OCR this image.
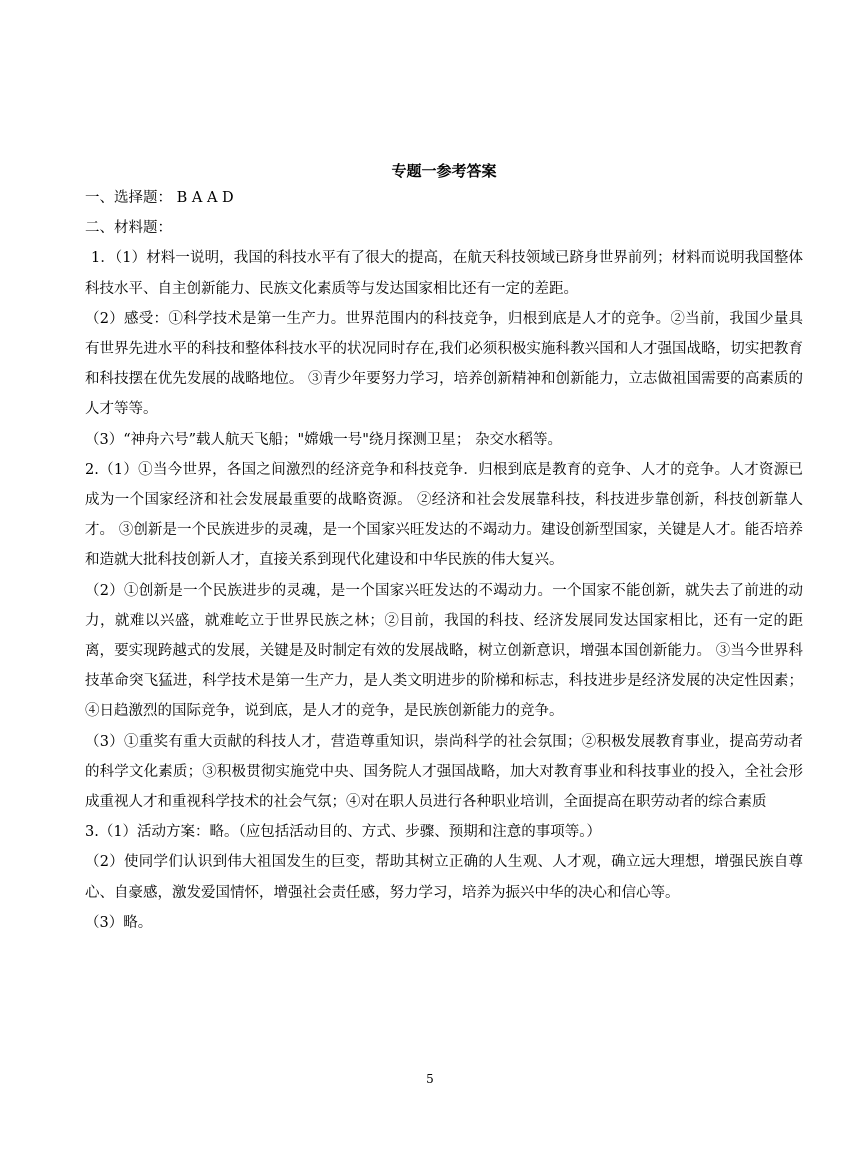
专题一参考答案

一、选择题： B A A D

二、材料题：

1．（1）材料一说明，我国的科技水平有了很大的提高，在航天科技领域已跻身世界前列；材料而说明我国整体科技水平、自主创新能力、民族文化素质等与发达国家相比还有一定的差距。

（2）感受：①科学技术是第一生产力。世界范围内的科技竞争，归根到底是人才的竞争。②当前，我国少量具有世界先进水平的科技和整体科技水平的状况同时存在,我们必须积极实施科教兴国和人才强国战略，切实把教育和科技摆在优先发展的战略地位。 ③青少年要努力学习，培养创新精神和创新能力，立志做祖国需要的高素质的人才等等。

（3）“神舟六号”载人航天飞船；"嫦娥一号"绕月探测卫星； 杂交水稻等。

2.（1）①当今世界，各国之间激烈的经济竞争和科技竞争．归根到底是教育的竞争、人才的竞争。人才资源已成为一个国家经济和社会发展最重要的战略资源。 ②经济和社会发展靠科技，科技进步靠创新，科技创新靠人才。 ③创新是一个民族进步的灵魂，是一个国家兴旺发达的不竭动力。建设创新型国家，关键是人才。能否培养和造就大批科技创新人才，直接关系到现代化建设和中华民族的伟大复兴。

（2）①创新是一个民族进步的灵魂，是一个国家兴旺发达的不竭动力。一个国家不能创新，就失去了前进的动力，就难以兴盛，就难屹立于世界民族之林；②目前，我国的科技、经济发展同发达国家相比，还有一定的距离，要实现跨越式的发展，关键是及时制定有效的发展战略，树立创新意识，增强本国创新能力。 ③当今世界科技革命突飞猛进，科学技术是第一生产力，是人类文明进步的阶梯和标志，科技进步是经济发展的决定性因素； ④日趋激烈的国际竞争，说到底，是人才的竞争，是民族创新能力的竞争。

（3）①重奖有重大贡献的科技人才，营造尊重知识，崇尚科学的社会氛围；②积极发展教育事业，提高劳动者的科学文化素质；③积极贯彻实施党中央、国务院人才强国战略，加大对教育事业和科技事业的投入，全社会形成重视人才和重视科学技术的社会气氛；④对在职人员进行各种职业培训，全面提高在职劳动者的综合素质

3.（1）活动方案：略。（应包括活动目的、方式、步骤、预期和注意的事项等。）

（2）使同学们认识到伟大祖国发生的巨变，帮助其树立正确的人生观、人才观，确立远大理想，增强民族自尊心、自豪感，激发爱国情怀，增强社会责任感，努力学习，培养为振兴中华的决心和信心等。

（3）略。

5
